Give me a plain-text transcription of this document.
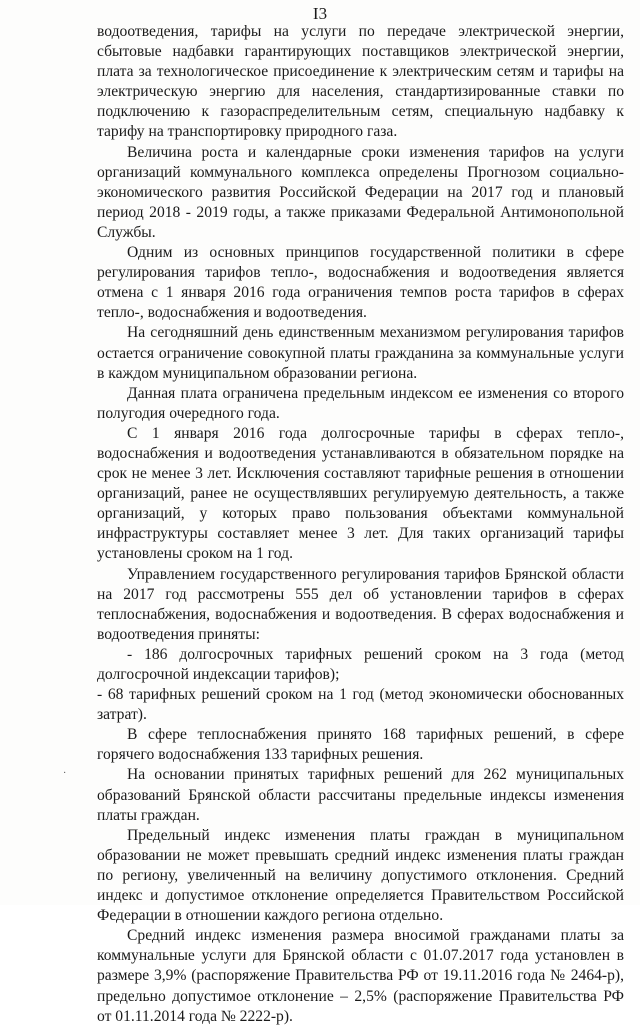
I3

водоотведения, тарифы на услуги по передаче электрической энергии, сбытовые надбавки гарантирующих поставщиков электрической энергии, плата за технологическое присоединение к электрическим сетям и тарифы на электрическую энергию для населения, стандартизированные ставки по подключению к газораспределительным сетям, специальную надбавку к тарифу на транспортировку природного газа.

Величина роста и календарные сроки изменения тарифов на услуги организаций коммунального комплекса определены Прогнозом социально-экономического развития Российской Федерации на 2017 год и плановый период 2018 - 2019 годы, а также приказами Федеральной Антимонопольной Службы.

Одним из основных принципов государственной политики в сфере регулирования тарифов тепло-, водоснабжения и водоотведения является отмена с 1 января 2016 года ограничения темпов роста тарифов в сферах тепло-, водоснабжения и водоотведения.

На сегодняшний день единственным механизмом регулирования тарифов остается ограничение совокупной платы гражданина за коммунальные услуги в каждом муниципальном образовании региона.

Данная плата ограничена предельным индексом ее изменения со второго полугодия очередного года.

С 1 января 2016 года долгосрочные тарифы в сферах тепло-, водоснабжения и водоотведения устанавливаются в обязательном порядке на срок не менее 3 лет. Исключения составляют тарифные решения в отношении организаций, ранее не осуществлявших регулируемую деятельность, а также организаций, у которых право пользования объектами коммунальной инфраструктуры составляет менее 3 лет. Для таких организаций тарифы установлены сроком на 1 год.

Управлением государственного регулирования тарифов Брянской области на 2017 год рассмотрены 555 дел об установлении тарифов в сферах теплоснабжения, водоснабжения и водоотведения. В сферах водоснабжения и водоотведения приняты:

- 186 долгосрочных тарифных решений сроком на 3 года (метод долгосрочной индексации тарифов);

- 68 тарифных решений сроком на 1 год (метод экономически обоснованных затрат).

В сфере теплоснабжения принято 168 тарифных решений, в сфере горячего водоснабжения 133 тарифных решения.

На основании принятых тарифных решений для 262 муниципальных образований Брянской области рассчитаны предельные индексы изменения платы граждан.

Предельный индекс изменения платы граждан в муниципальном образовании не может превышать средний индекс изменения платы граждан по региону, увеличенный на величину допустимого отклонения. Средний индекс и допустимое отклонение определяется Правительством Российской Федерации в отношении каждого региона отдельно.

Средний индекс изменения размера вносимой гражданами платы за коммунальные услуги для Брянской области с 01.07.2017 года установлен в размере 3,9% (распоряжение Правительства РФ от 19.11.2016 года № 2464-р), предельно допустимое отклонение – 2,5% (распоряжение Правительства РФ от 01.11.2014 года № 2222-р).

·
